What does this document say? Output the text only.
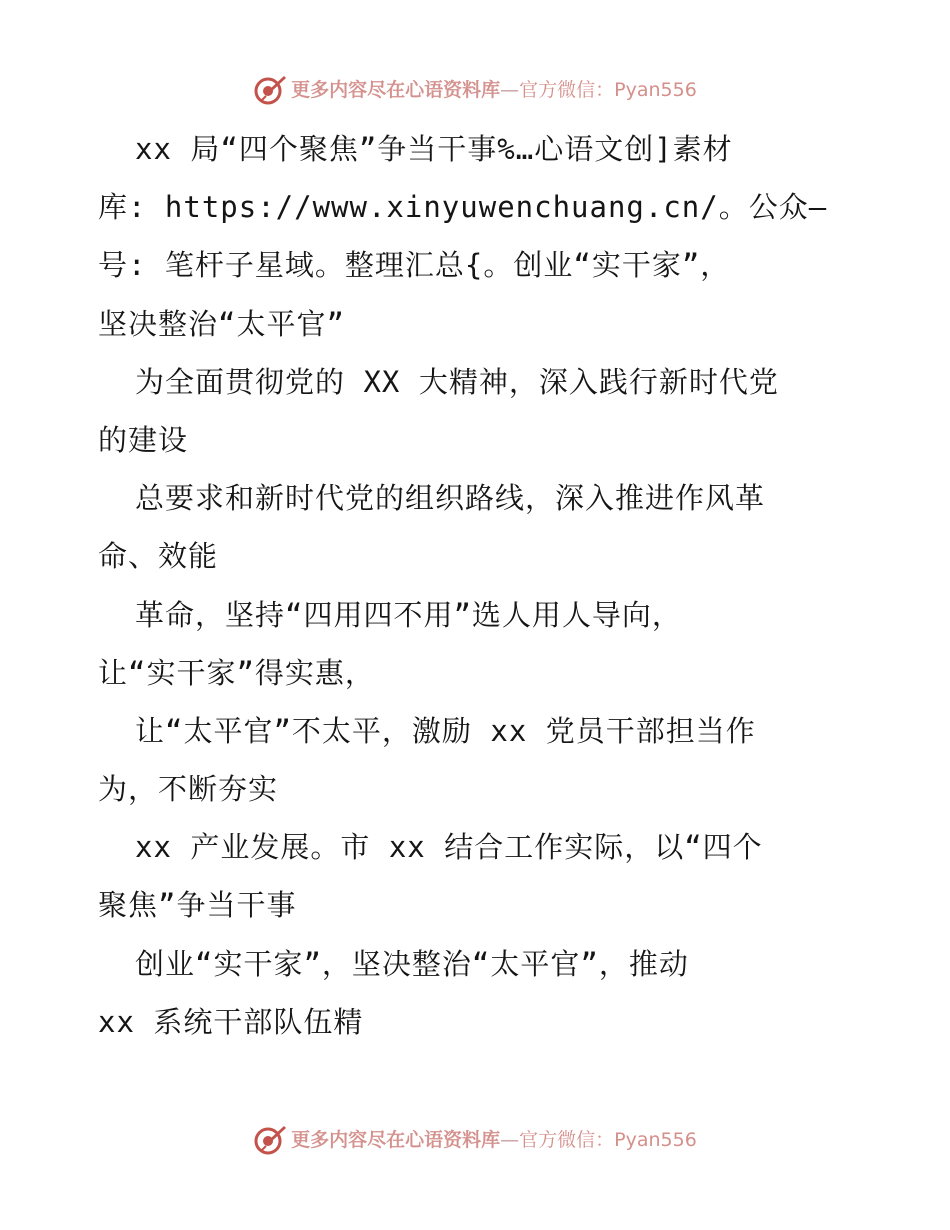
更多内容尽在心语资料库 — 官方微信：Pyan556
xx 局“四个聚焦”争当干事%…心语文创]素材
库: https://www.xinyuwenchuang.cn/。公众—
号: 笔杆子星域。整理汇总{。创业“实干家”，
坚决整治“太平官”
为全面贯彻党的 XX 大精神，深入践行新时代党
的建设
总要求和新时代党的组织路线，深入推进作风革
命、效能
革命，坚持“四用四不用”选人用人导向，
让“实干家”得实惠，
让“太平官”不太平，激励 xx 党员干部担当作
为，不断夯实
xx 产业发展。市 xx 结合工作实际，以“四个
聚焦”争当干事
创业“实干家”，坚决整治“太平官”，推动
xx 系统干部队伍精
更多内容尽在心语资料库 — 官方微信：Pyan556
